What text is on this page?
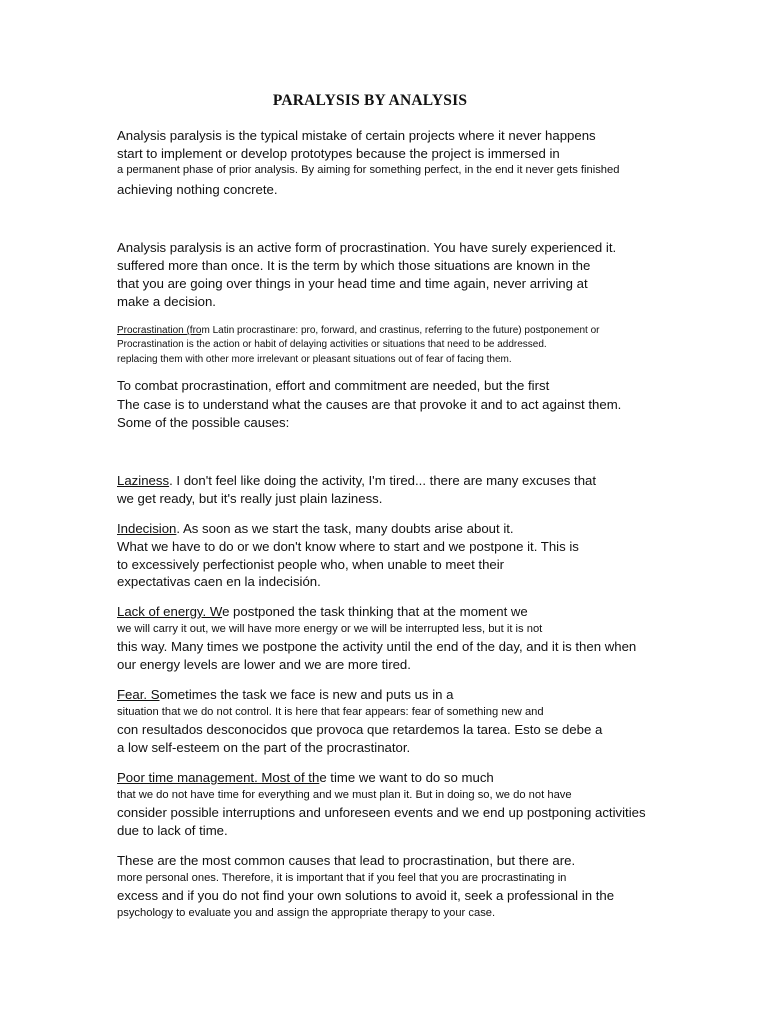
PARALYSIS BY ANALYSIS

Analysis paralysis is the typical mistake of certain projects where it never happens

start to implement or develop prototypes because the project is immersed in

a permanent phase of prior analysis. By aiming for something perfect, in the end it never gets finished

achieving nothing concrete.

Analysis paralysis is an active form of procrastination. You have surely experienced it.

suffered more than once. It is the term by which those situations are known in the

that you are going over things in your head time and time again, never arriving at

make a decision.

Procrastination (from Latin procrastinare: pro, forward, and crastinus, referring to the future) postponement or

Procrastination is the action or habit of delaying activities or situations that need to be addressed.

replacing them with other more irrelevant or pleasant situations out of fear of facing them.

To combat procrastination, effort and commitment are needed, but the first

The case is to understand what the causes are that provoke it and to act against them.

Some of the possible causes:

Laziness. I don't feel like doing the activity, I'm tired... there are many excuses that

we get ready, but it's really just plain laziness.

Indecision. As soon as we start the task, many doubts arise about it.

What we have to do or we don't know where to start and we postpone it. This is

to excessively perfectionist people who, when unable to meet their

expectativas caen en la indecisión.

Lack of energy. We postponed the task thinking that at the moment we

we will carry it out, we will have more energy or we will be interrupted less, but it is not

this way. Many times we postpone the activity until the end of the day, and it is then when

our energy levels are lower and we are more tired.

Fear. Sometimes the task we face is new and puts us in a

situation that we do not control. It is here that fear appears: fear of something new and

con resultados desconocidos que provoca que retardemos la tarea. Esto se debe a

a low self-esteem on the part of the procrastinator.

Poor time management. Most of the time we want to do so much

that we do not have time for everything and we must plan it. But in doing so, we do not have

consider possible interruptions and unforeseen events and we end up postponing activities

due to lack of time.

These are the most common causes that lead to procrastination, but there are.

more personal ones. Therefore, it is important that if you feel that you are procrastinating in

excess and if you do not find your own solutions to avoid it, seek a professional in the

psychology to evaluate you and assign the appropriate therapy to your case.
